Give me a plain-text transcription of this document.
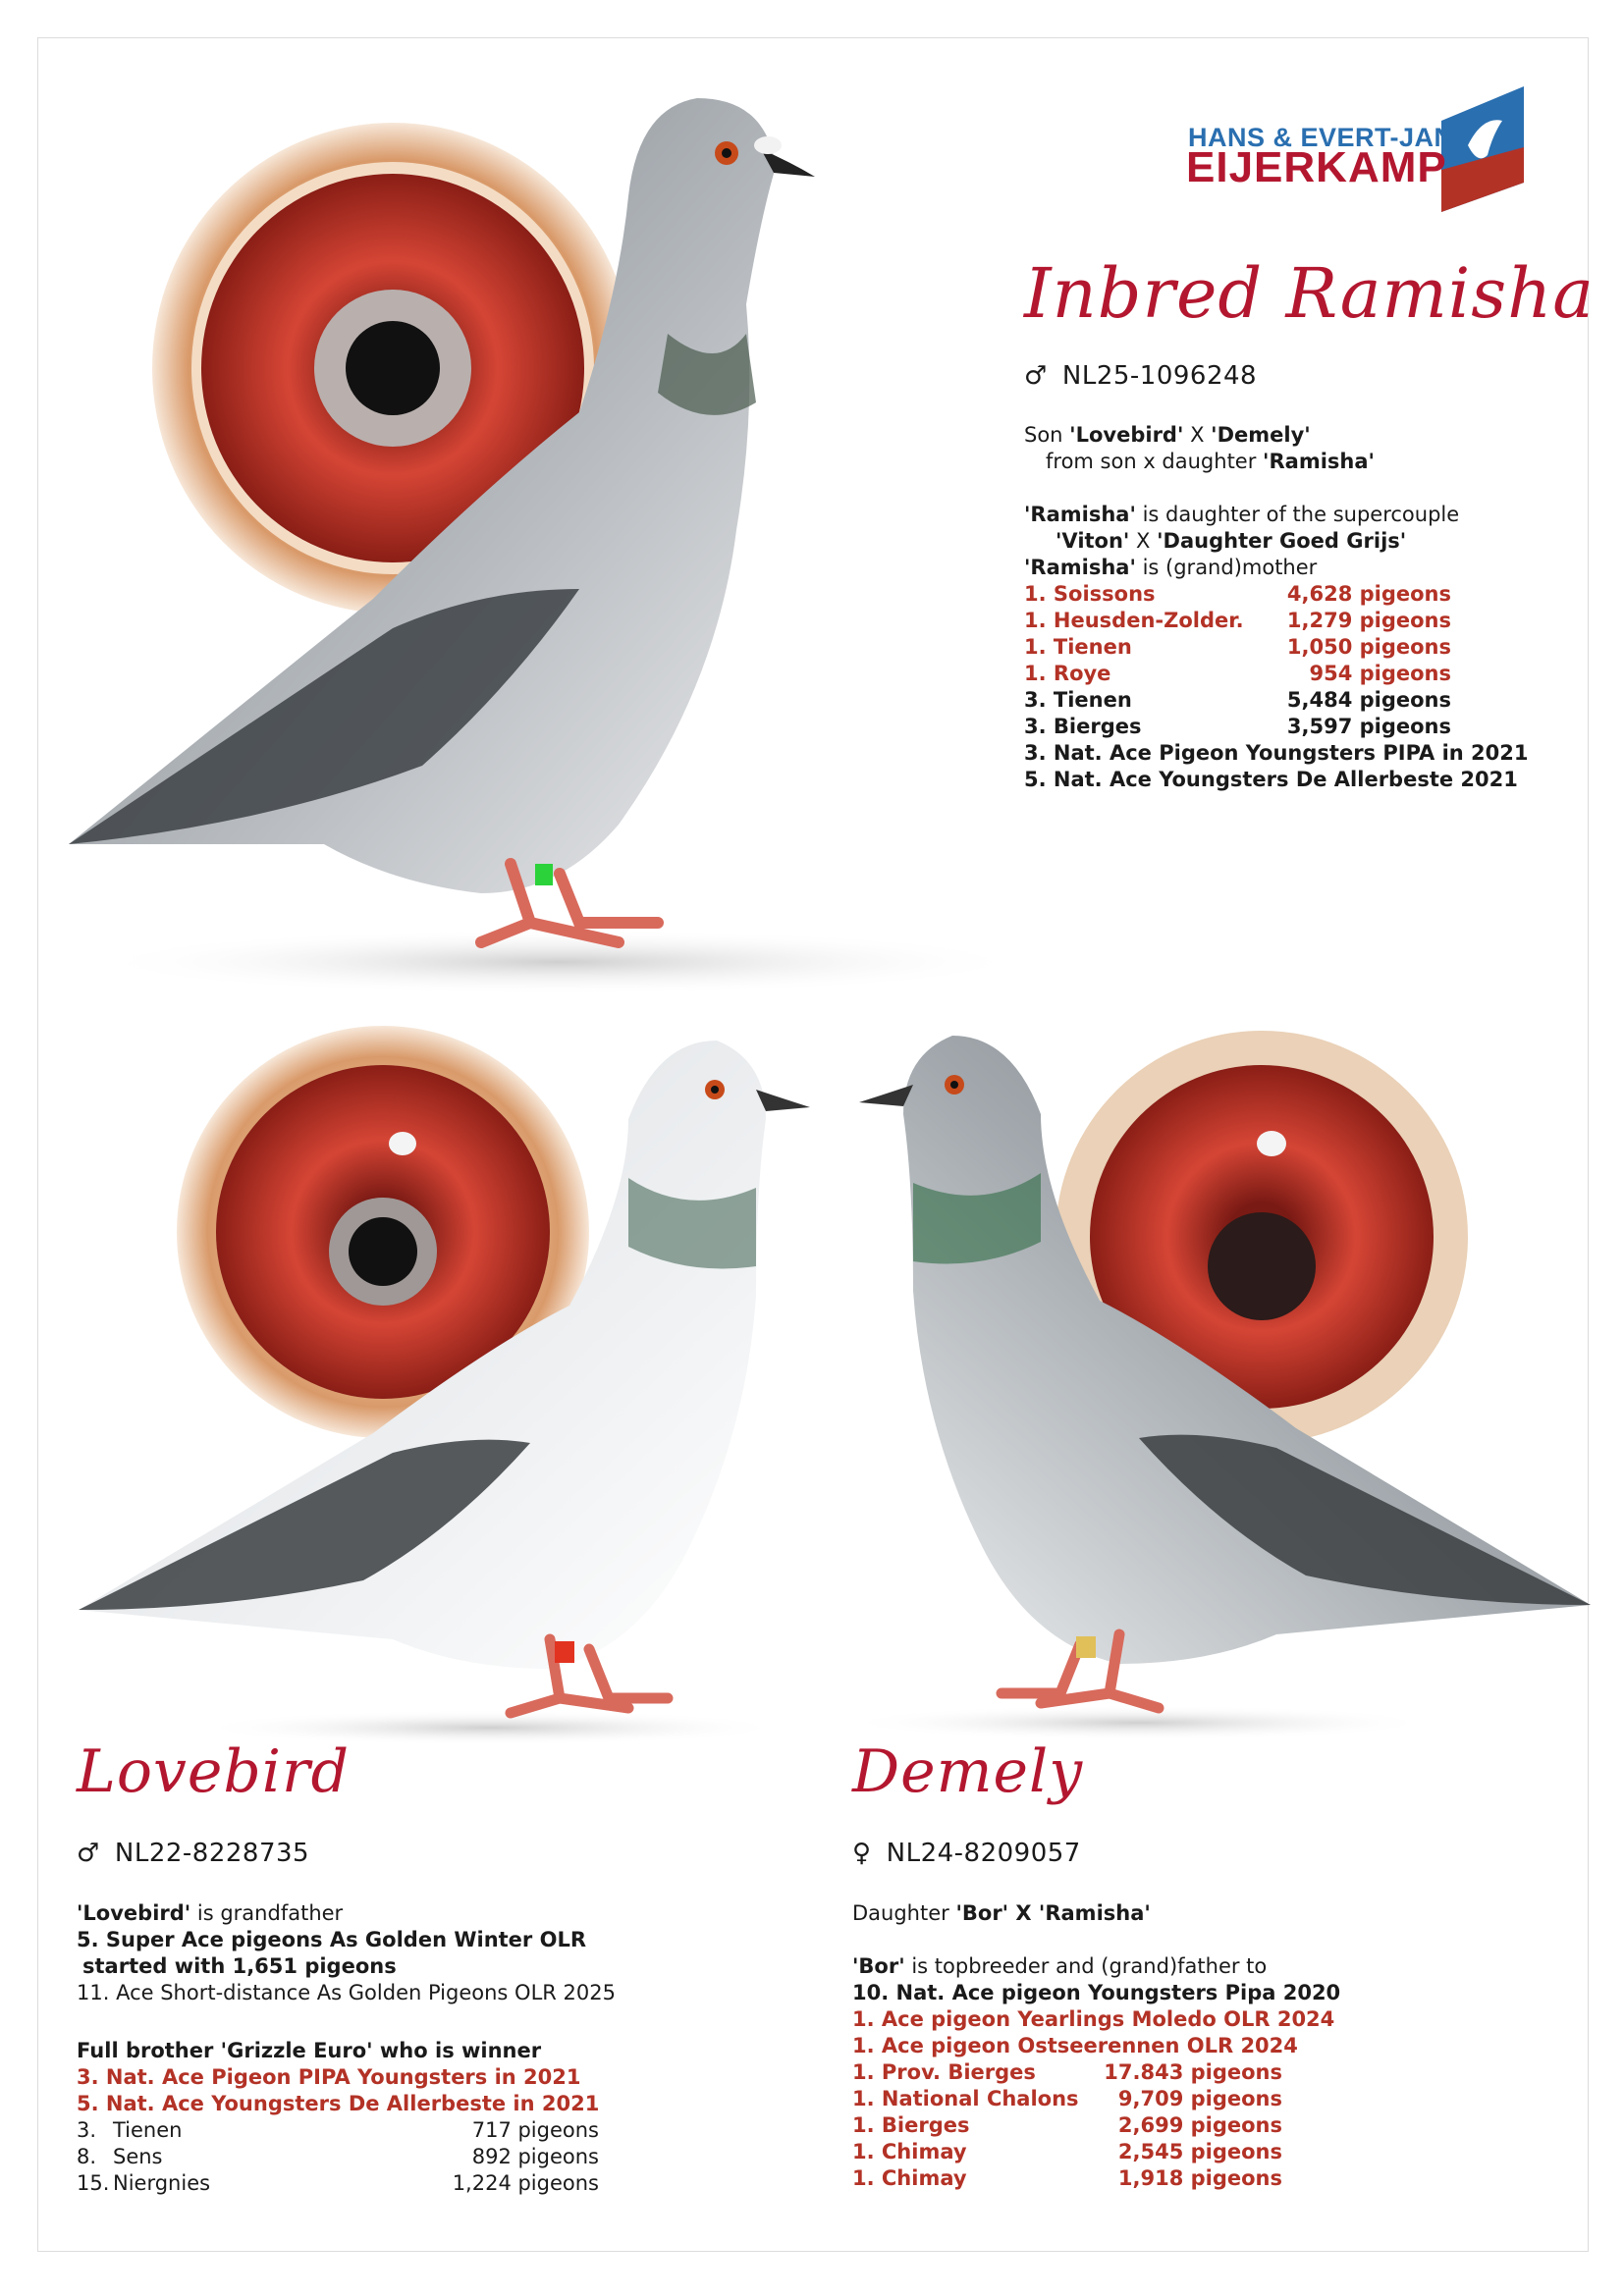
HANS & EVERT-JAN
EIJERKAMP
Inbred Ramisha
♂ NL25-1096248
Son 'Lovebird' X 'Demely'
from son x daughter 'Ramisha'
'Ramisha' is daughter of the supercouple
'Viton' X 'Daughter Goed Grijs'
'Ramisha' is (grand)mother
1. Soissons	4,628 pigeons
1. Heusden-Zolder.	1,279 pigeons
1. Tienen	1,050 pigeons
1. Roye	954 pigeons
3. Tienen	5,484 pigeons
3. Bierges	3,597 pigeons
3. Nat. Ace Pigeon Youngsters PIPA in 2021
5. Nat. Ace Youngsters De Allerbeste 2021
Lovebird
♂ NL22-8228735
'Lovebird' is grandfather
5. Super Ace pigeons As Golden Winter OLR
started with 1,651 pigeons
11. Ace Short-distance As Golden Pigeons OLR 2025
Full brother 'Grizzle Euro' who is winner
3. Nat. Ace Pigeon PIPA Youngsters in 2021
5. Nat. Ace Youngsters De Allerbeste in 2021
3. Tienen	717 pigeons
8. Sens	892 pigeons
15. Niergnies	1,224 pigeons
Demely
♀ NL24-8209057
Daughter 'Bor' X 'Ramisha'
'Bor' is topbreeder and (grand)father to
10. Nat. Ace pigeon Youngsters Pipa 2020
1. Ace pigeon Yearlings Moledo OLR 2024
1. Ace pigeon Ostseerennen OLR 2024
1. Prov. Bierges	17.843 pigeons
1. National Chalons	9,709 pigeons
1. Bierges	2,699 pigeons
1. Chimay	2,545 pigeons
1. Chimay	1,918 pigeons
